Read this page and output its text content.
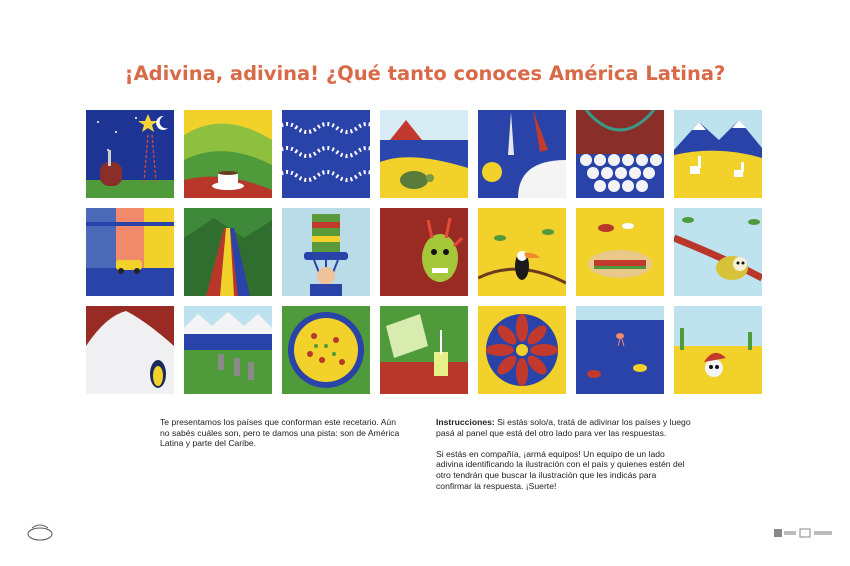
¡Adivina, adivina! ¿Qué tanto conoces América Latina?
Te presentamos los países que conforman este recetario. Aún no sabés cuáles son, pero te damos una pista: son de América Latina y parte del Caribe.

Instrucciones: Si estás solo/a, tratá de adivinar los países y luego pasá al panel que está del otro lado para ver las respuestas.

Si estás en compañía, ¡armá equipos! Un equipo de un lado adivina identificando la ilustración con el país y quienes estén del otro tendrán que buscar la ilustración que les indicás para confirmar la respuesta. ¡Suerte!
